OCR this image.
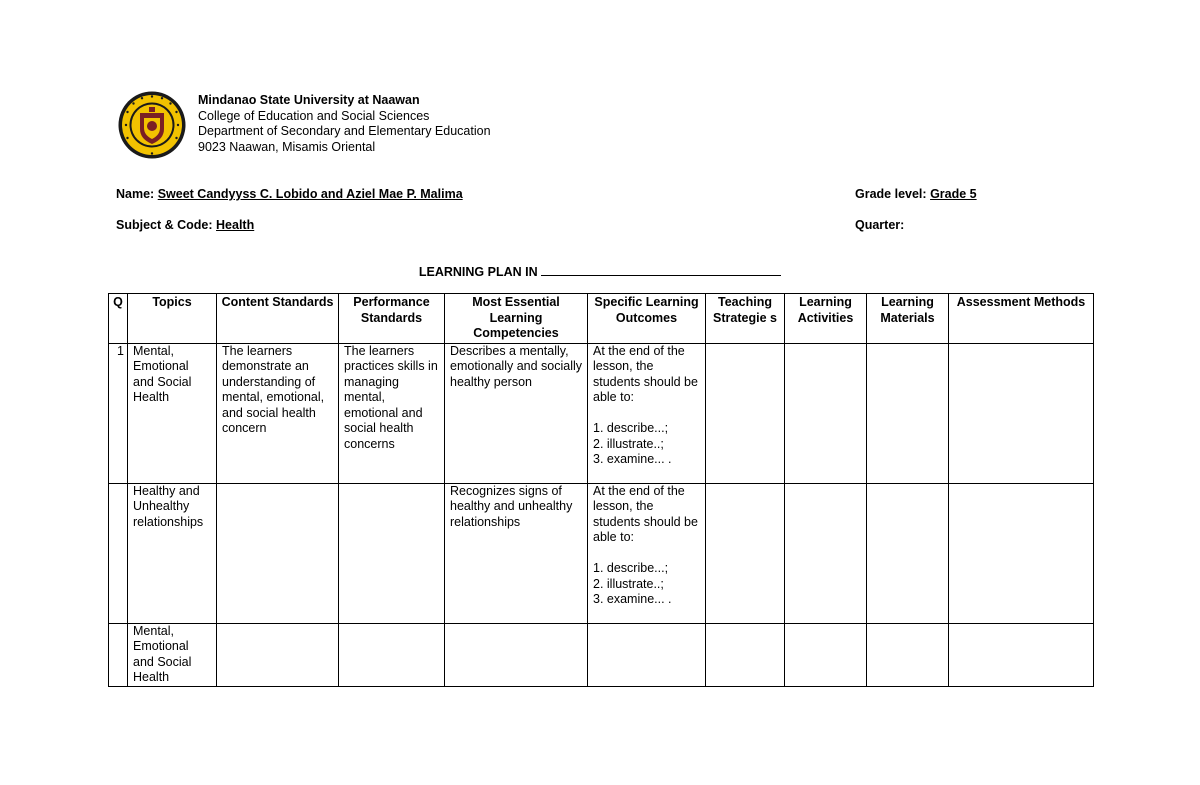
Mindanao State University at Naawan
College of Education and Social Sciences
Department of Secondary and Elementary Education
9023 Naawan, Misamis Oriental
Name: Sweet Candyyss C. Lobido and Aziel Mae P. Malima	Grade level: Grade 5
Subject & Code: Health	Quarter:
LEARNING PLAN IN
Q	Topics	Content Standards	Performance Standards	Most Essential Learning Competencies	Specific Learning Outcomes	Teaching Strategie s	Learning Activities	Learning Materials	Assessment Methods
1	Mental, Emotional and Social Health	The learners demonstrate an understanding of mental, emotional, and social health concern	The learners practices skills in managing mental, emotional and social health concerns	Describes a mentally, emotionally and socially healthy person	At the end of the lesson, the students should be able to:

1. describe...;
2. illustrate..;
3. examine... .				
	Healthy and Unhealthy relationships			Recognizes signs of healthy and unhealthy relationships	At the end of the lesson, the students should be able to:

1. describe...;
2. illustrate..;
3. examine... .				
	Mental, Emotional and Social Health								
